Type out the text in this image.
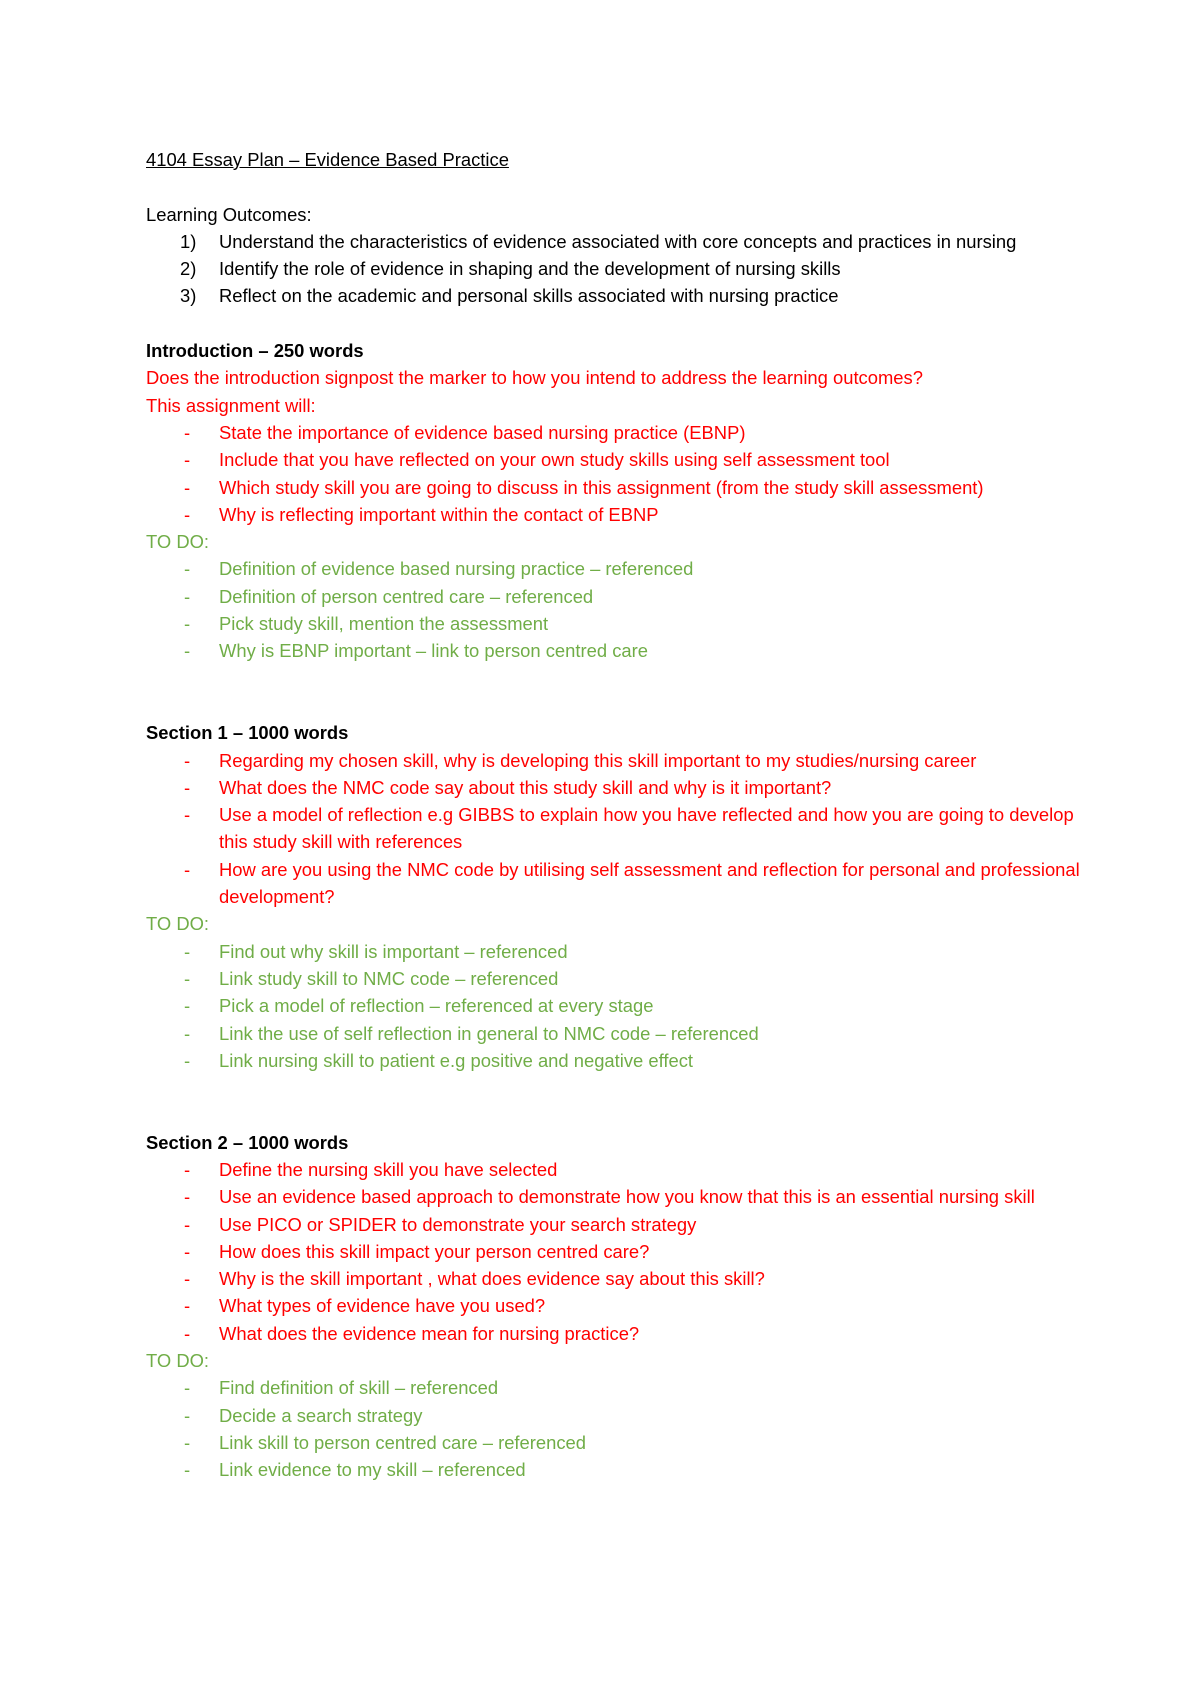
4104 Essay Plan – Evidence Based Practice

Learning Outcomes:

1)	Understand the characteristics of evidence associated with core concepts and practices in nursing
2)	Identify the role of evidence in shaping and the development of nursing skills
3)	Reflect on the academic and personal skills associated with nursing practice

Introduction – 250 words

Does the introduction signpost the marker to how you intend to address the learning outcomes?

This assignment will:

- State the importance of evidence based nursing practice (EBNP)
- Include that you have reflected on your own study skills using self assessment tool
- Which study skill you are going to discuss in this assignment (from the study skill assessment)
- Why is reflecting important within the contact of EBNP

TO DO:

- Definition of evidence based nursing practice – referenced
- Definition of person centred care – referenced
- Pick study skill, mention the assessment
- Why is EBNP important – link to person centred care

Section 1 – 1000 words

- Regarding my chosen skill, why is developing this skill important to my studies/nursing career
- What does the NMC code say about this study skill and why is it important?
- Use a model of reflection e.g GIBBS to explain how you have reflected and how you are going to develop this study skill with references
- How are you using the NMC code by utilising self assessment and reflection for personal and professional development?

TO DO:

- Find out why skill is important – referenced
- Link study skill to NMC code – referenced
- Pick a model of reflection – referenced at every stage
- Link the use of self reflection in general to NMC code – referenced
- Link nursing skill to patient e.g positive and negative effect

Section 2 – 1000 words

- Define the nursing skill you have selected
- Use an evidence based approach to demonstrate how you know that this is an essential nursing skill
- Use PICO or SPIDER to demonstrate your search strategy
- How does this skill impact your person centred care?
- Why is the skill important , what does evidence say about this skill?
- What types of evidence have you used?
- What does the evidence mean for nursing practice?

TO DO:

- Find definition of skill – referenced
- Decide a search strategy
- Link skill to person centred care – referenced
- Link evidence to my skill – referenced
